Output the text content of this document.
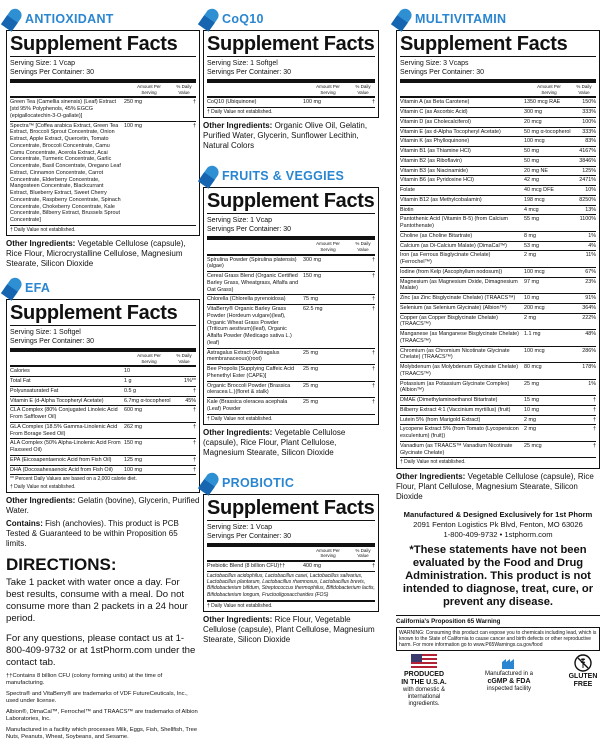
ANTIOXIDANT
Supplement Facts
Serving Size: 1 Vcap
Servings Per Container: 30
Amount Per Serving
% Daily Value
Green Tea (Camellia sinensis) (Leaf) Extract [std 95% Polyphenols, 45% EGCG (epigallocatechin-3-O-gallate)]
250 mg	†
Spectra™ [Coffea arabica Extract, Green Tea Extract, Broccoli Sprout Concentrate, Onion Extract, Apple Extract, Quercetin, Tomato Concentrate, Broccoli Concentrate, Camu Camu Concentrate, Acerola Extract, Acai Concentrate, Turmeric Concentrate, Garlic Concentrate, Basil Concentrate, Oregano Leaf Extract, Cinnamon Concentrate, Carrot Concentrate, Elderberry Concentrate, Mangosteen Concentrate, Blackcurrant Extract, Blueberry Extract, Sweet Cherry Concentrate, Raspberry Concentrate, Spinach Concentrate, Chokeberry Concentrate, Kale Concentrate, Bilberry Extract, Brussels Sprout Concentrate]
100 mg	†
† Daily Value not established.
Other Ingredients: Vegetable Cellulose (capsule), Rice Flour, Microcrystalline Cellulose, Magnesium Stearate, Silicon Dioxide
EFA
Supplement Facts
Serving Size: 1 Softgel
Servings Per Container: 30
Amount Per Serving
% Daily Value
Calories	10
Total Fat	1 g	1%**
Polyunsaturated Fat	0.5 g	†
Vitamin E (d-Alpha Tocopheryl Acetate)	6.7mg α-tocopherol	45%
CLA Complex (80% Conjugated Linoleic Acid From Safflower Oil)
600 mg	†
GLA Complex (18.5% Gamma-Linolenic Acid From Borage Seed Oil)
262 mg	†
ALA Complex (50% Alpha-Linolenic Acid From Flaxseed Oil)
150 mg	†
EPA (Eicosapentaenoic Acid from Fish Oil)	125 mg	†
DHA (Docosahexaenoic Acid from Fish Oil)	100 mg	†
** Percent Daily Values are based on a 2,000 calorie diet.
† Daily Value not established.
Other Ingredients: Gelatin (bovine), Glycerin, Purified Water.
Contains: Fish (anchovies). This product is PCB Tested & Guaranteed to be within Proposition 65 limits.
DIRECTIONS:
Take 1 packet with water once a day. For best results, consume with a meal. Do not consume more than 2 packets in a 24 hour period.
For any questions, please contact us at 1-800-409-9732 or at 1stPhorm.com under the contact tab.
††Contains 8 billion CFU (colony forming units) at the time of manufacturing.
Spectra® and VitaBerry® are trademarks of VDF FutureCeuticals, Inc., used under license.
Albion®, DimaCal™, Ferrochel™ and TRAACS™ are trademarks of Albion Laboratories, Inc.
Manufactured in a facility which processes Milk, Eggs, Fish, Shellfish, Tree Nuts, Peanuts, Wheat, Soybeans, and Sesame.
CoQ10
Supplement Facts
Serving Size: 1 Softgel
Servings Per Container: 30
Amount Per Serving
% Daily Value
CoQ10 (Ubiquinone)	100 mg	†
† Daily Value not established.
Other Ingredients: Organic Olive Oil, Gelatin, Purified Water, Glycerin, Sunflower Lecithin, Natural Colors
FRUITS & VEGGIES
Supplement Facts
Serving Size: 1 Vcap
Servings Per Container: 30
Amount Per Serving
% Daily Value
Spirulina Powder (Spirulina platensis) (algae)
300 mg	†
Cereal Grass Blend (Organic Certified Barley Grass, Wheatgrass, Alfalfa and Oat Grass)
150 mg	†
Chlorella (Chlorella pyrenoidosa)	75 mg	†
VitaBerry® Organic Barley Grass Powder (Hordeum vulgare)(leaf), Organic Wheat Grass Powder (Triticum aestivum)(leaf), Organic Alfalfa Powder (Medicago sativa L.)(leaf)
62.5 mg	†
Astragalus Extract (Astragalus membranaceous)(root)
25 mg	†
Bee Propolis [Supplying Caffeic Acid Phenethyl Ester (CAPE)]
25 mg	†
Organic Broccoli Powder (Brassica oleracea L.)(floret & stalk)
25 mg	†
Kale (Brassica oleracea acephala (Leaf) Powder
25 mg	†
† Daily Value not established.
Other Ingredients: Vegetable Cellulose (capsule), Rice Flour, Plant Cellulose, Magnesium Stearate, Silicon Dioxide
PROBIOTIC
Supplement Facts
Serving Size: 1 Vcap
Servings Per Container: 30
Amount Per Serving
% Daily Value
Prebiotic Blend (8 billion CFU)††	400 mg	†
Lactobacillus acidophilus, Lactobacillus casei, Lactobacillus salivarius, Lactobacillus plantarum, Lactobacillus rhamnosus, Lactobacillus brevis, Bifidobacterium bifidum, Streptococcus thermophilus, Bifidobacterium lactis, Bifidobacterium longum, Fructooligosaccharides (FOS)
† Daily Value not established.
Other Ingredients: Rice Flour, Vegetable Cellulose (capsule), Plant Cellulose, Magnesium Stearate, Silicon Dioxide
MULTIVITAMIN
Supplement Facts
Serving Size: 3 Vcaps
Servings Per Container: 30
Amount Per Serving
% Daily Value
Vitamin A (as Beta Carotene)	1350 mcg RAE	150%
Vitamin C (as Ascorbic Acid)	300 mg	333%
Vitamin D (as Cholecalciferol)	20 mcg	100%
Vitamin E (as d-Alpha Tocopheryl Acetate)	50 mg α-tocopherol	333%
Vitamin K (as Phylloquinone)	100 mcg	83%
Vitamin B1 (as Thiamine HCl)	50 mg	4167%
Vitamin B2 (as Riboflavin)	50 mg	3846%
Vitamin B3 (as Niacinamide)	20 mg NE	125%
Vitamin B6 (as Pyridoxine HCl)	42 mg	2471%
Folate	40 mcg DFE	10%
Vitamin B12 (as Methylcobalamin)	198 mcg	8250%
Biotin	4 mcg	13%
Pantothenic Acid (Vitamin B-5) (from Calcium Pantothenate)
55 mg	1100%
Choline (as Choline Bitartrate)	8 mg	1%
Calcium (as Di-Calcium Malate) (DimaCal™)	53 mg	4%
Iron (as Ferrous Bisglycinate Chelate) (Ferrochel™)
2 mg	11%
Iodine (from Kelp (Ascophyllum nodosum))	100 mcg	67%
Magnesium (as Magnesium Oxide, Dimagnesium Malate)
97 mg	23%
Zinc (as Zinc Bisglycinate Chelate) (TRAACS™)	10 mg	91%
Selenium (as Selenium Glycinate) (Albion™)	200 mcg	364%
Copper (as Copper Bisglycinate Chelate) (TRAACS™)
2 mg	222%
Manganese (as Manganese Bisglycinate Chelate) (TRAACS™)
1.1 mg	48%
Chromium (as Chromium Nicotinate Glycinate Chelate) (TRAACS™)
100 mcg	286%
Molybdenum (as Molybdenum Glycinate Chelate) (TRAACS™)
80 mcg	178%
Potassium (as Potassium Glycinate Complex) (Albion™)
25 mg	1%
DMAE (Dimethylaminoethanol Bitartrate)	15 mg	†
Bilberry Extract 4:1 (Vaccinium myrtillus) (fruit)	10 mg	†
Lutein 5% (from Marigold Extract)	2 mg	†
Lycopene Extract 5% (from Tomato (Lycopersicon esculentum) (fruit))
2 mg	†
Vanadium (as TRAACS™ Vanadium Nicotinate Glycinate Chelate)
25 mcg	†
† Daily Value not established.
Other Ingredients: Vegetable Cellulose (capsule), Rice Flour, Plant Cellulose, Magnesium Stearate, Silicon Dioxide
Manufactured & Designed Exclusively for 1st Phorm
2091 Fenton Logistics Pk Blvd, Fenton, MO 63026
1-800-409-9732 • 1stphorm.com
*These statements have not been evaluated by the Food and Drug Administration. This product is not intended to diagnose, treat, cure, or prevent any disease.
California's Proposition 65 Warning
WARNING: Consuming this product can expose you to chemicals including lead, which is known to the State of California to cause cancer and birth defects or other reproductive harm. For more information go to www.P65Warnings.ca.gov/food
PRODUCED
IN THE U.S.A.
with domestic & international ingredients.
Manufactured in a
cGMP & FDA
inspected facility
GLUTEN
FREE
